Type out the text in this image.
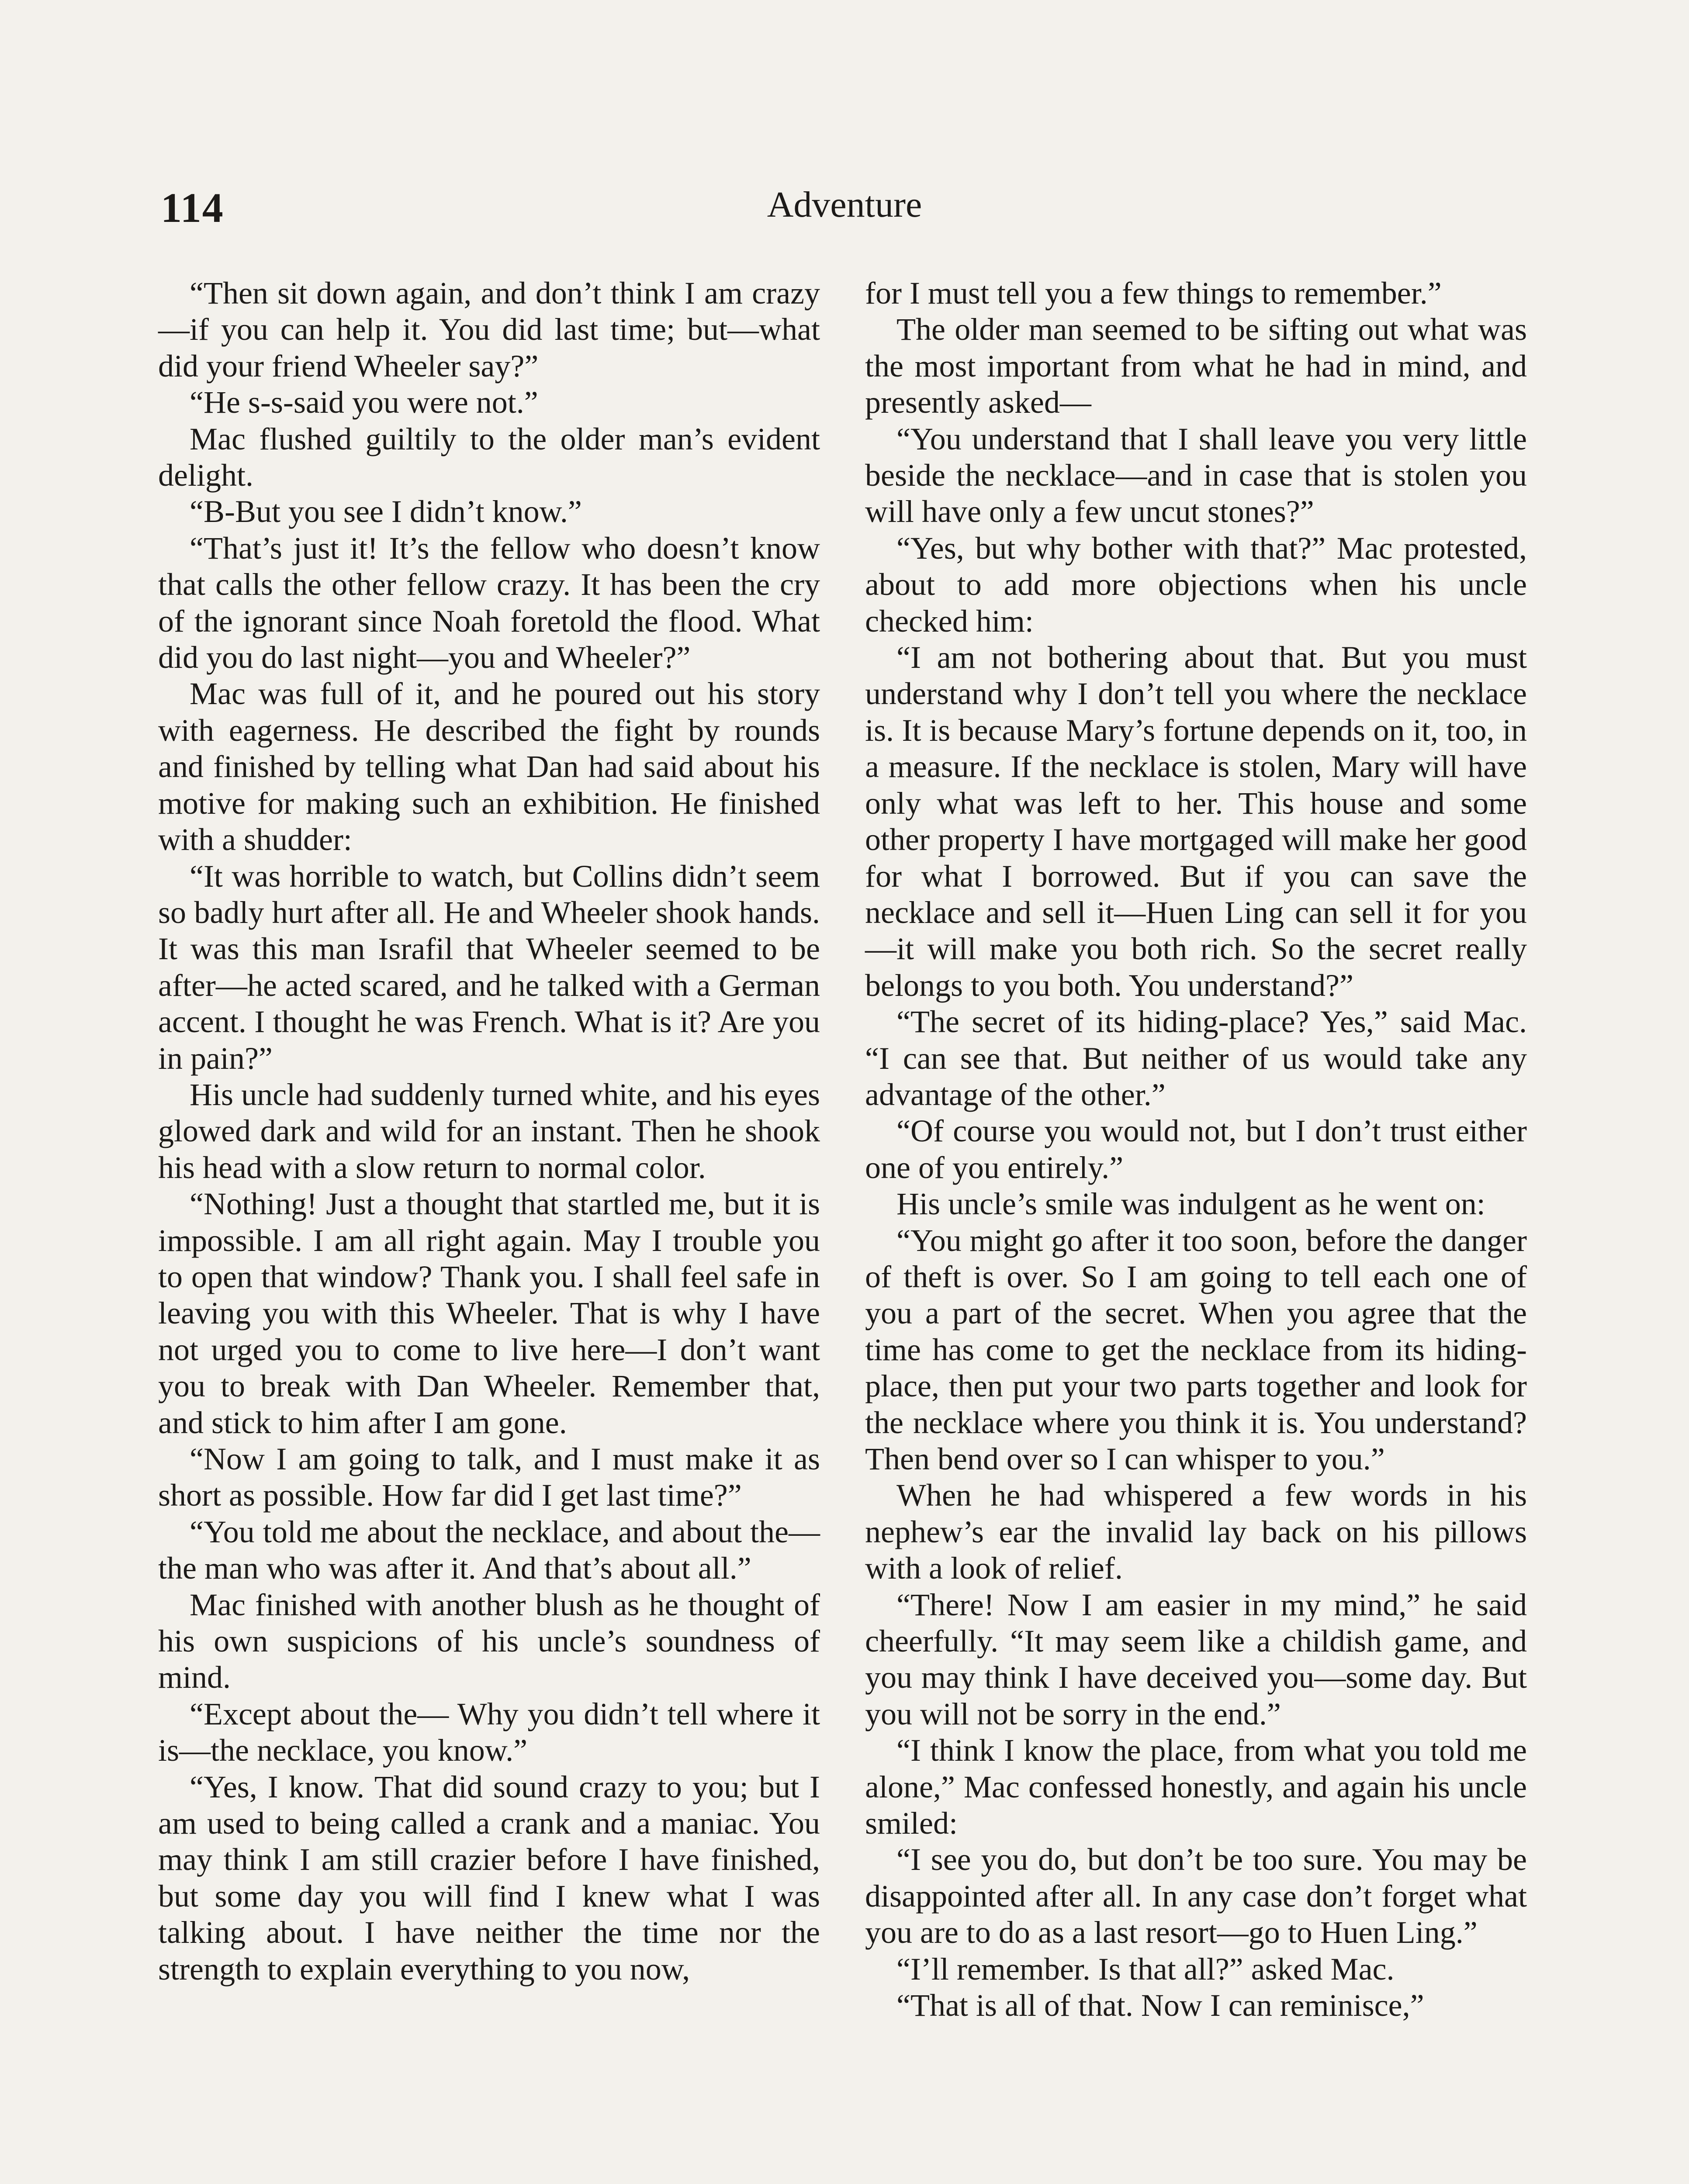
114	Adventure

“Then sit down again, and don’t think I am crazy—if you can help it. You did last time; but—what did your friend Wheeler say?”

“He s-s-said you were not.”

Mac flushed guiltily to the older man’s evident delight.

“B-But you see I didn’t know.”

“That’s just it! It’s the fellow who doesn’t know that calls the other fellow crazy. It has been the cry of the ignorant since Noah foretold the flood. What did you do last night—you and Wheeler?”

Mac was full of it, and he poured out his story with eagerness. He described the fight by rounds and finished by telling what Dan had said about his motive for making such an exhibition. He finished with a shudder:

“It was horrible to watch, but Collins didn’t seem so badly hurt after all. He and Wheeler shook hands. It was this man Israfil that Wheeler seemed to be after—he acted scared, and he talked with a German accent. I thought he was French. What is it? Are you in pain?”

His uncle had suddenly turned white, and his eyes glowed dark and wild for an instant. Then he shook his head with a slow return to normal color.

“Nothing! Just a thought that startled me, but it is impossible. I am all right again. May I trouble you to open that window? Thank you. I shall feel safe in leaving you with this Wheeler. That is why I have not urged you to come to live here—I don’t want you to break with Dan Wheeler. Remember that, and stick to him after I am gone.

“Now I am going to talk, and I must make it as short as possible. How far did I get last time?”

“You told me about the necklace, and about the—the man who was after it. And that’s about all.”

Mac finished with another blush as he thought of his own suspicions of his uncle’s soundness of mind.

“Except about the— Why you didn’t tell where it is—the necklace, you know.”

“Yes, I know. That did sound crazy to you; but I am used to being called a crank and a maniac. You may think I am still crazier before I have finished, but some day you will find I knew what I was talking about. I have neither the time nor the strength to explain everything to you now,

for I must tell you a few things to remember.”

The older man seemed to be sifting out what was the most important from what he had in mind, and presently asked—

“You understand that I shall leave you very little beside the necklace—and in case that is stolen you will have only a few uncut stones?”

“Yes, but why bother with that?” Mac protested, about to add more objections when his uncle checked him:

“I am not bothering about that. But you must understand why I don’t tell you where the necklace is. It is because Mary’s fortune depends on it, too, in a measure. If the necklace is stolen, Mary will have only what was left to her. This house and some other property I have mortgaged will make her good for what I borrowed. But if you can save the necklace and sell it—Huen Ling can sell it for you—it will make you both rich. So the secret really belongs to you both. You understand?”

“The secret of its hiding-place? Yes,” said Mac. “I can see that. But neither of us would take any advantage of the other.”

“Of course you would not, but I don’t trust either one of you entirely.”

His uncle’s smile was indulgent as he went on:

“You might go after it too soon, before the danger of theft is over. So I am going to tell each one of you a part of the secret. When you agree that the time has come to get the necklace from its hiding-place, then put your two parts together and look for the necklace where you think it is. You understand? Then bend over so I can whisper to you.”

When he had whispered a few words in his nephew’s ear the invalid lay back on his pillows with a look of relief.

“There! Now I am easier in my mind,” he said cheerfully. “It may seem like a childish game, and you may think I have deceived you—some day. But you will not be sorry in the end.”

“I think I know the place, from what you told me alone,” Mac confessed honestly, and again his uncle smiled:

“I see you do, but don’t be too sure. You may be disappointed after all. In any case don’t forget what you are to do as a last resort—go to Huen Ling.”

“I’ll remember. Is that all?” asked Mac.

“That is all of that. Now I can reminisce,”
